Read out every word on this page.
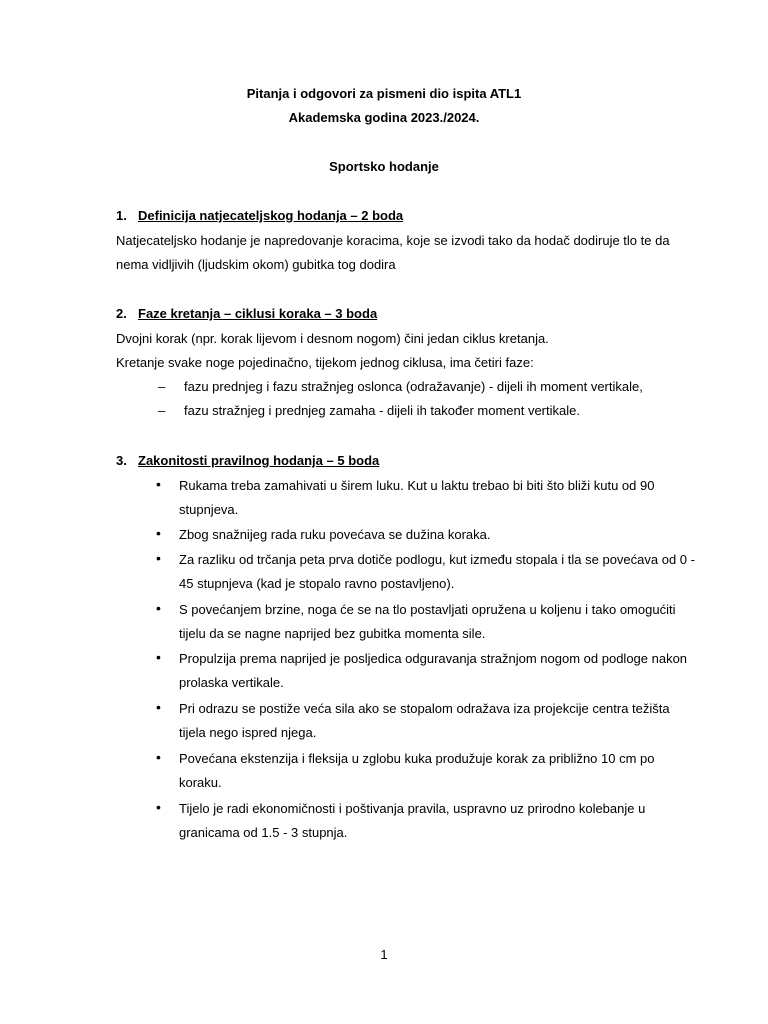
Pitanja i odgovori za pismeni dio ispita ATL1
Akademska godina 2023./2024.
Sportsko hodanje
1. Definicija natjecateljskog hodanja – 2 boda
Natjecateljsko hodanje je napredovanje koracima, koje se izvodi tako da hodač dodiruje tlo te da
nema vidljivih (ljudskim okom) gubitka tog dodira
2. Faze kretanja – ciklusi koraka – 3 boda
Dvojni korak (npr. korak lijevom i desnom nogom) čini jedan ciklus kretanja.
Kretanje svake noge pojedinačno, tijekom jednog ciklusa, ima četiri faze:
– fazu prednjeg i fazu stražnjeg oslonca (odražavanje) - dijeli ih moment vertikale,
– fazu stražnjeg i prednjeg zamaha - dijeli ih također moment vertikale.
3. Zakonitosti pravilnog hodanja – 5 boda
• Rukama treba zamahivati u širem luku. Kut u laktu trebao bi biti što bliži kutu od 90 stupnjeva.
• Zbog snažnijeg rada ruku povećava se dužina koraka.
• Za razliku od trčanja peta prva dotiče podlogu, kut između stopala i tla se povećava od 0 - 45 stupnjeva (kad je stopalo ravno postavljeno).
• S povećanjem brzine, noga će se na tlo postavljati opružena u koljenu i tako omogućiti tijelu da se nagne naprijed bez gubitka momenta sile.
• Propulzija prema naprijed je posljedica odguravanja stražnjom nogom od podloge nakon prolaska vertikale.
• Pri odrazu se postiže veća sila ako se stopalom odražava iza projekcije centra težišta tijela nego ispred njega.
• Povećana ekstenzija i fleksija u zglobu kuka produžuje korak za približno 10 cm po koraku.
• Tijelo je radi ekonomičnosti i poštivanja pravila, uspravno uz prirodno kolebanje u granicama od 1.5 - 3 stupnja.
1
